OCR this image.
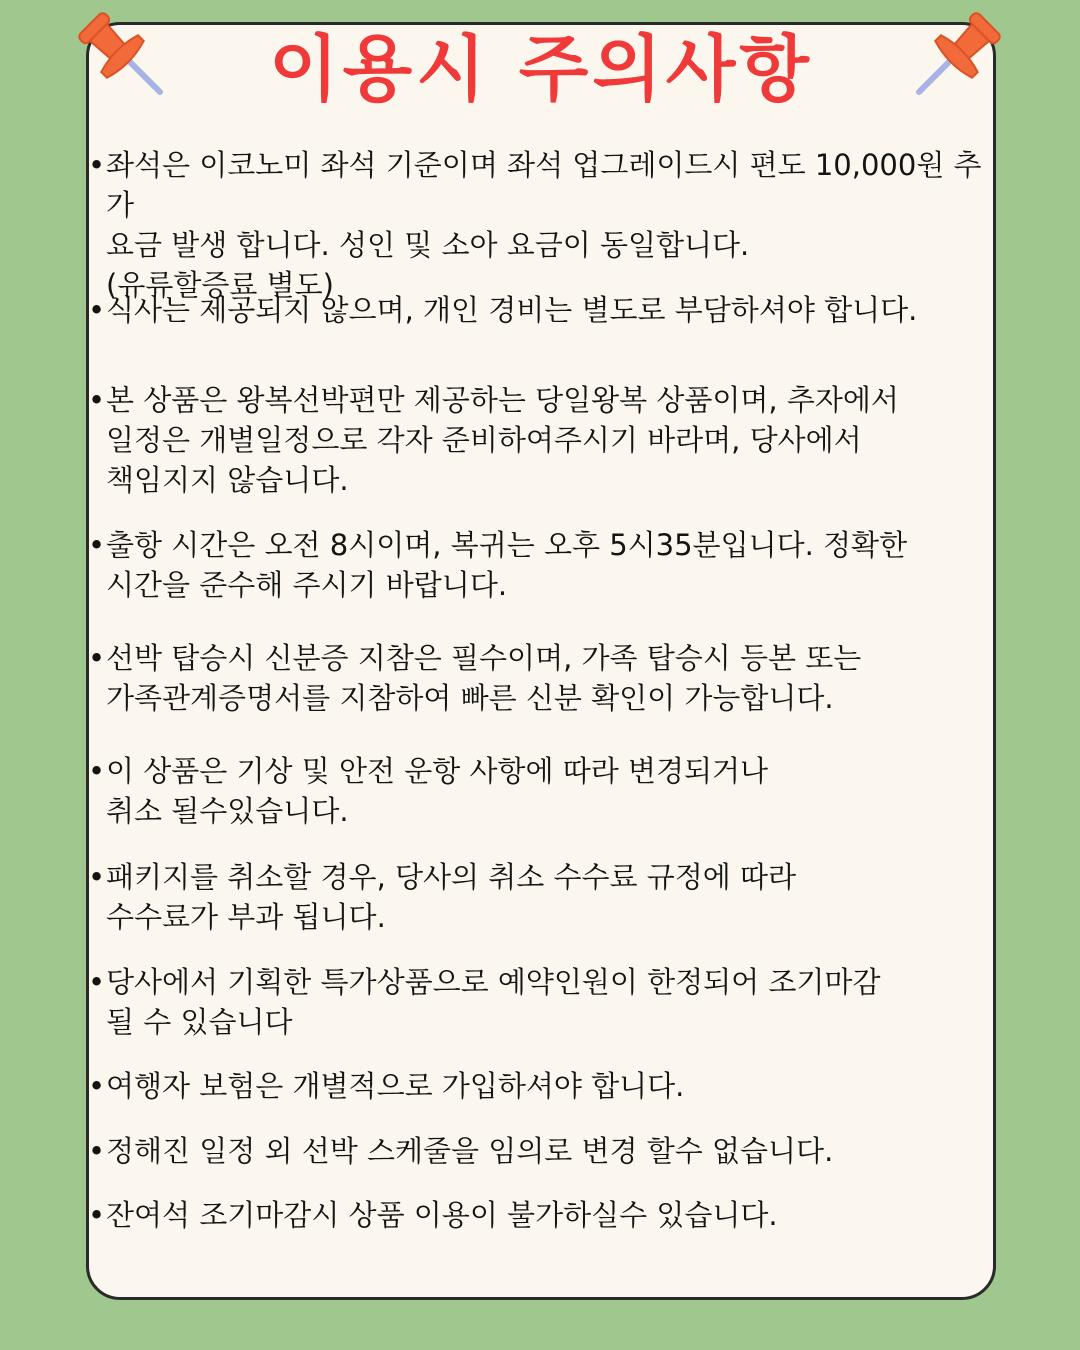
이용시 주의사항
• 좌석은 이코노미 좌석 기준이며 좌석 업그레이드시 편도 10,000원 추가
요금 발생 합니다. 성인 및 소아 요금이 동일합니다.
(유류할증료 별도)
• 식사는 제공되지 않으며, 개인 경비는 별도로 부담하셔야 합니다.
• 본 상품은 왕복선박편만 제공하는 당일왕복 상품이며, 추자에서
일정은 개별일정으로 각자 준비하여주시기 바라며, 당사에서
책임지지 않습니다.
• 출항 시간은 오전 8시이며, 복귀는 오후 5시35분입니다. 정확한
시간을 준수해 주시기 바랍니다.
• 선박 탑승시 신분증 지참은 필수이며, 가족 탑승시 등본 또는
가족관계증명서를 지참하여 빠른 신분 확인이 가능합니다.
• 이 상품은 기상 및 안전 운항 사항에 따라 변경되거나
취소 될수있습니다.
• 패키지를 취소할 경우, 당사의 취소 수수료 규정에 따라
수수료가 부과 됩니다.
• 당사에서 기획한 특가상품으로 예약인원이 한정되어 조기마감
될 수 있습니다
• 여행자 보험은 개별적으로 가입하셔야 합니다.
• 정해진 일정 외 선박 스케줄을 임의로 변경 할수 없습니다.
• 잔여석 조기마감시 상품 이용이 불가하실수 있습니다.
